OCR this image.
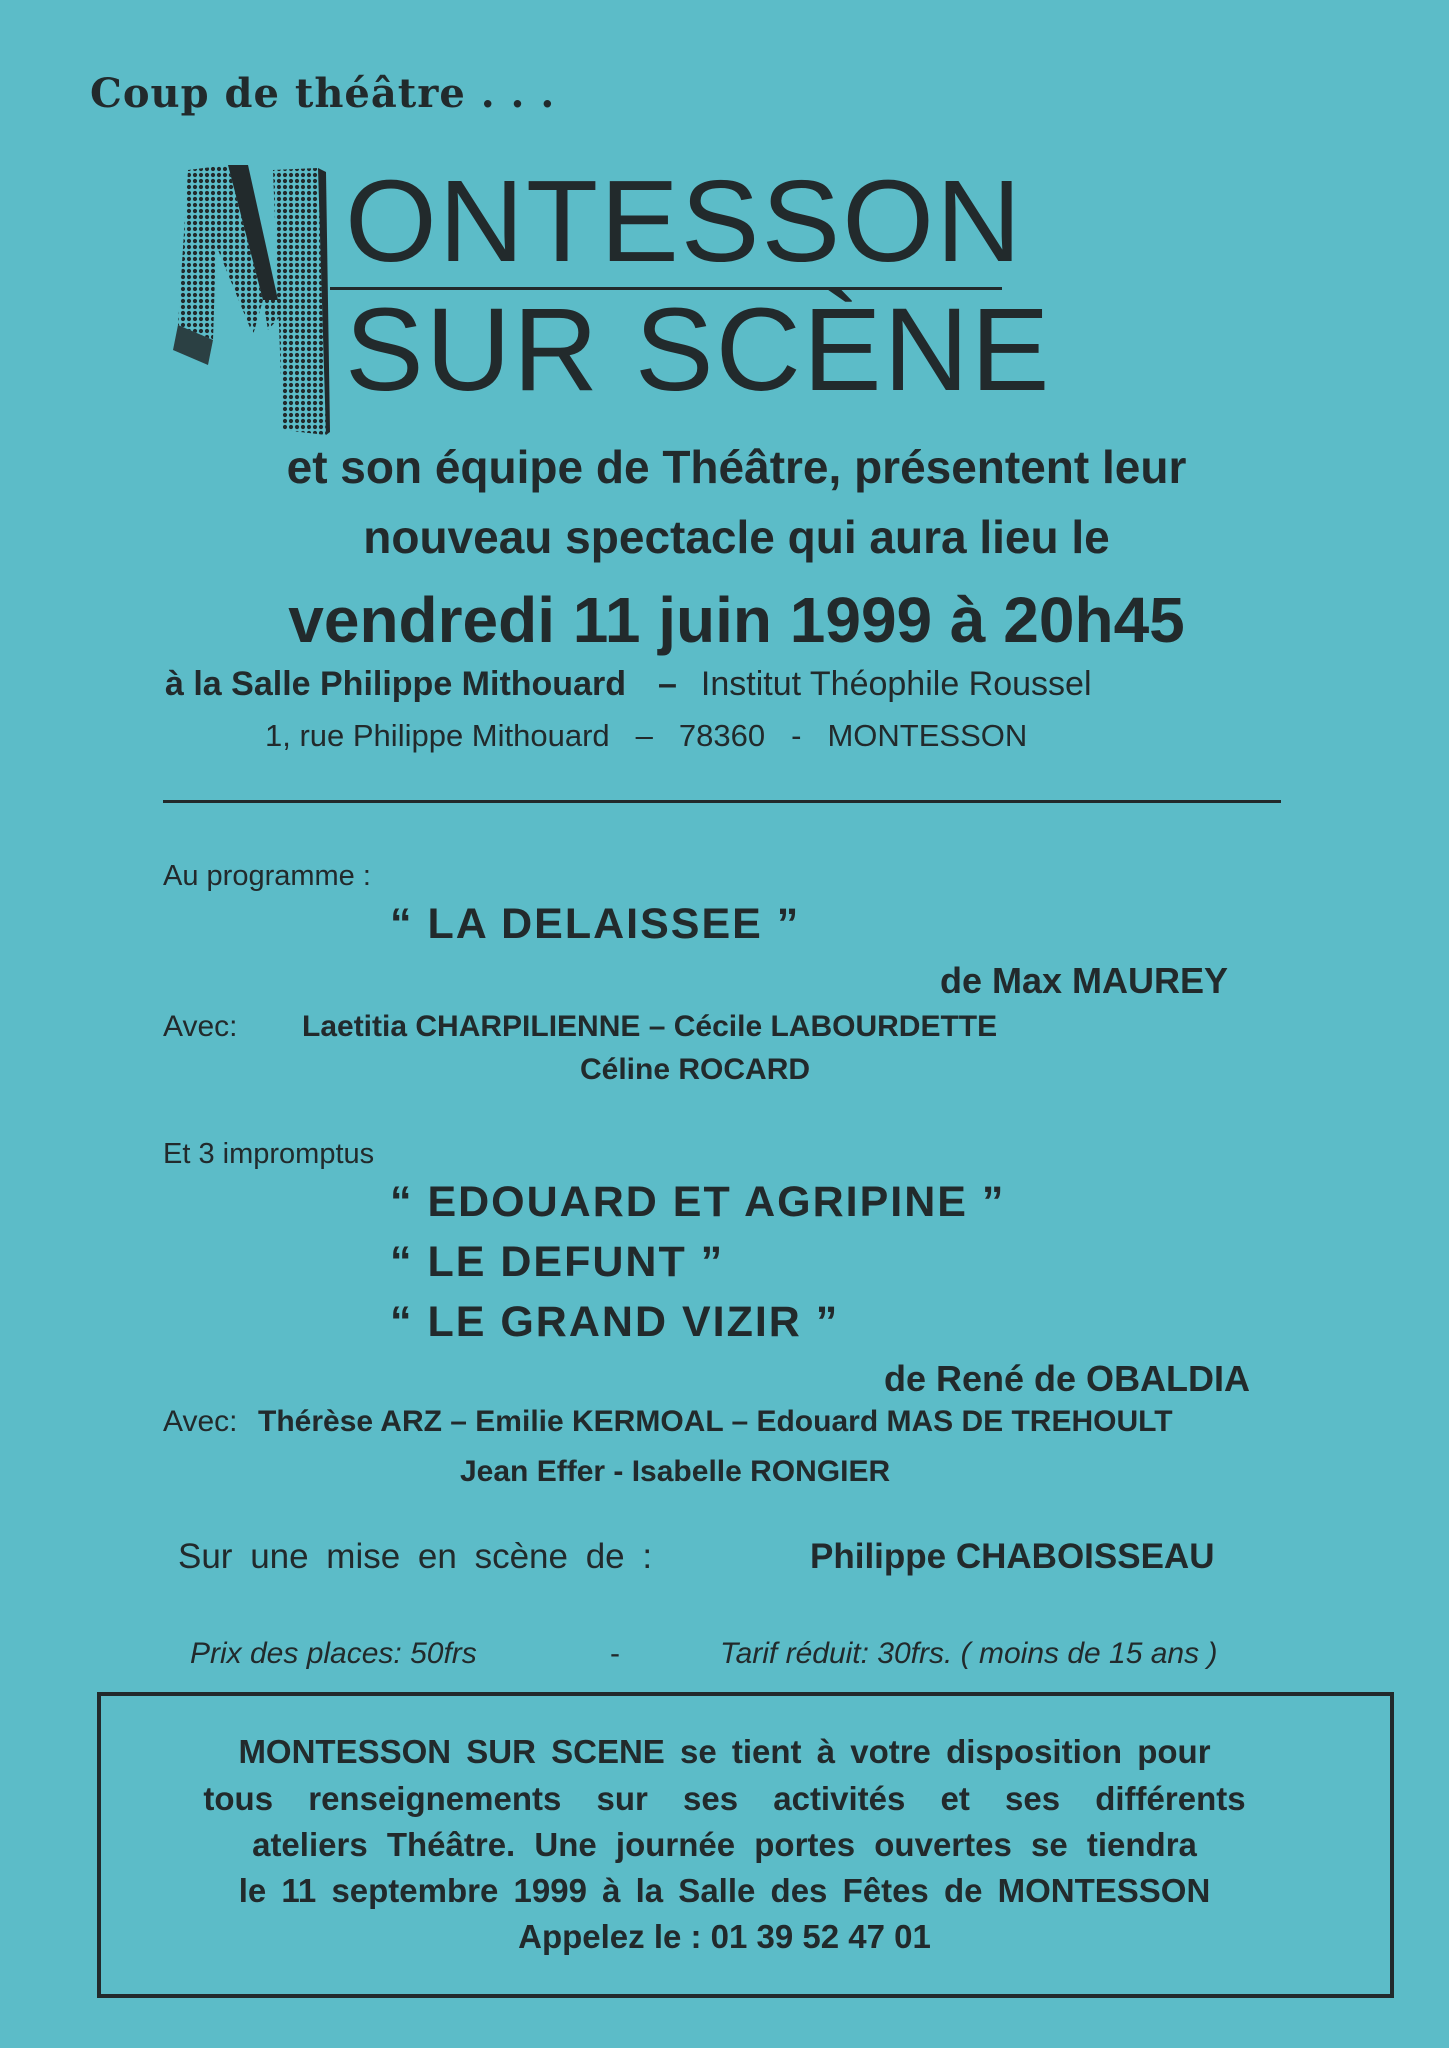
Coup de théâtre . . .
ONTESSON
SUR SCÈNE
et son équipe de Théâtre, présentent leur
nouveau spectacle qui aura lieu le
vendredi 11 juin 1999 à 20h45
à la Salle Philippe Mithouard – Institut Théophile Roussel
1, rue Philippe Mithouard – 78360 - MONTESSON
Au programme :
“ LA DELAISSEE ”
de Max MAUREY
Avec: Laetitia CHARPILIENNE – Cécile LABOURDETTE
Céline ROCARD
Et 3 impromptus
“ EDOUARD ET AGRIPINE ”
“ LE DEFUNT ”
“ LE GRAND VIZIR ”
de René de OBALDIA
Avec: Thérèse ARZ – Emilie KERMOAL – Edouard MAS DE TREHOULT
Jean Effer - Isabelle RONGIER
Sur une mise en scène de :	Philippe CHABOISSEAU
Prix des places: 50frs	-	Tarif réduit: 30frs. ( moins de 15 ans )
MONTESSON SUR SCENE se tient à votre disposition pour
tous renseignements sur ses activités et ses différents
ateliers Théâtre. Une journée portes ouvertes se tiendra
le 11 septembre 1999 à la Salle des Fêtes de MONTESSON
Appelez le : 01 39 52 47 01
